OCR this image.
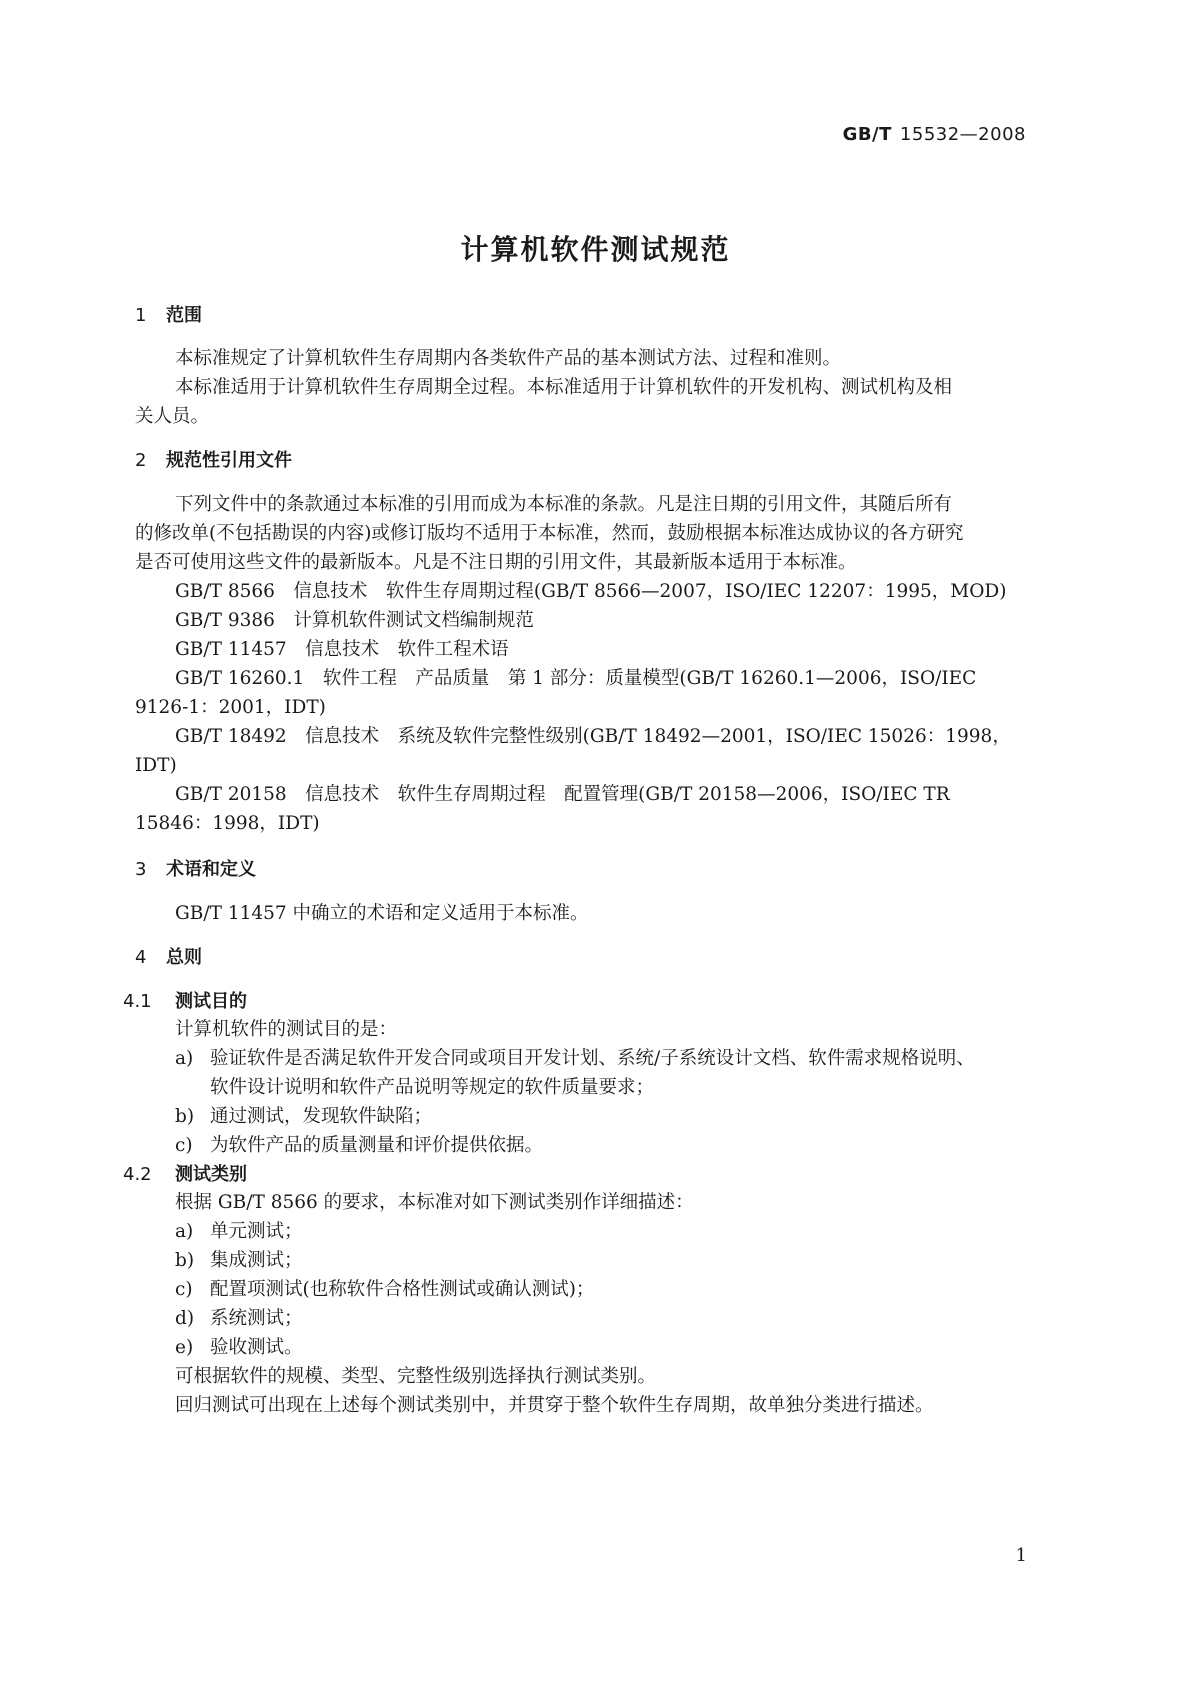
GB/T 15532—2008
计算机软件测试规范
1 范围
本标准规定了计算机软件生存周期内各类软件产品的基本测试方法、过程和准则。
本标准适用于计算机软件生存周期全过程。本标准适用于计算机软件的开发机构、测试机构及相
关人员。
2 规范性引用文件
下列文件中的条款通过本标准的引用而成为本标准的条款。凡是注日期的引用文件，其随后所有
的修改单(不包括勘误的内容)或修订版均不适用于本标准，然而，鼓励根据本标准达成协议的各方研究
是否可使用这些文件的最新版本。凡是不注日期的引用文件，其最新版本适用于本标准。
GB/T 8566　信息技术　软件生存周期过程(GB/T 8566—2007，ISO/IEC 12207：1995，MOD)
GB/T 9386　计算机软件测试文档编制规范
GB/T 11457　信息技术　软件工程术语
GB/T 16260.1　软件工程　产品质量　第 1 部分：质量模型(GB/T 16260.1—2006，ISO/IEC
9126-1：2001，IDT)
GB/T 18492　信息技术　系统及软件完整性级别(GB/T 18492—2001，ISO/IEC 15026：1998，
IDT)
GB/T 20158　信息技术　软件生存周期过程　配置管理(GB/T 20158—2006，ISO/IEC TR
15846：1998，IDT)
3 术语和定义
GB/T 11457 中确立的术语和定义适用于本标准。
4 总则
4.1 测试目的
计算机软件的测试目的是：
a) 验证软件是否满足软件开发合同或项目开发计划、系统/子系统设计文档、软件需求规格说明、
软件设计说明和软件产品说明等规定的软件质量要求；
b) 通过测试，发现软件缺陷；
c) 为软件产品的质量测量和评价提供依据。
4.2 测试类别
根据 GB/T 8566 的要求，本标准对如下测试类别作详细描述：
a) 单元测试；
b) 集成测试；
c) 配置项测试(也称软件合格性测试或确认测试)；
d) 系统测试；
e) 验收测试。
可根据软件的规模、类型、完整性级别选择执行测试类别。
回归测试可出现在上述每个测试类别中，并贯穿于整个软件生存周期，故单独分类进行描述。
1
